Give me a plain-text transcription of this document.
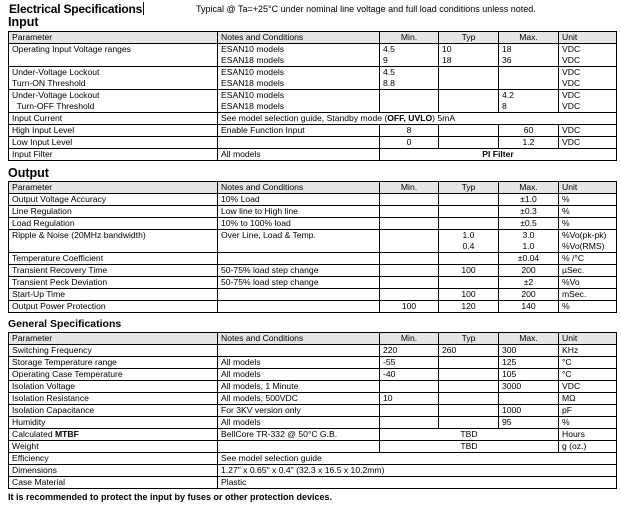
Electrical Specifications	Typical @ Ta=+25°C under nominal line voltage and full load conditions unless noted.
Input
Parameter	Notes and Conditions	Min.	Typ	Max.	Unit
Operating Input Voltage ranges	ESAN10 models	4.5	10	18	VDC
	ESAN18 models	9	18	36	VDC
Under-Voltage Lockout	ESAN10 models	4.5			VDC
Turn-ON Threshold	ESAN18 models	8.8			VDC
Under-Voltage Lockout	ESAN10 models			4.2	VDC
Turn-OFF Threshold	ESAN18 models			8	VDC
Input Current	See model selection guide, Standby mode (OFF, UVLO) 5mA				
High Input Level	Enable Function Input	8		60	VDC
Low Input Level		0		1.2	VDC
Input Filter	All models	PI Filter			
Output
Parameter	Notes and Conditions	Min.	Typ	Max.	Unit
Output Voltage Accuracy	10% Load			±1.0	%
Line Regulation	Low line to High line			±0.3	%
Load Regulation	10% to 100% load			±0.5	%
Ripple & Noise (20MHz bandwidth)	Over Line, Load & Temp.		1.0	3.0	%Vo(pk-pk)
			0.4	1.0	%Vo(RMS)
Temperature Coefficient				±0.04	% /°C
Transient Recovery Time	50-75% load step change		100	200	µSec.
Transient Peck Deviation	50-75% load step change			±2	%Vo
Start-Up Time			100	200	mSec.
Output Power Protection		100	120	140	%
General Specifications
Parameter	Notes and Conditions	Min.	Typ	Max.	Unit
Switching Frequency		220	260	300	KHz
Storage Temperature range	All models	-55		125	°C
Operating Case Temperature	All models	-40		105	°C
Isolation Voltage	All models, 1 Minute			3000	VDC
Isolation Resistance	All models, 500VDC	10			MΩ
Isolation Capacitance	For 3KV version only			1000	pF
Humidity	All models			95	%
Calculated MTBF	BellCore TR-332 @ 50°C G.B.	TBD			Hours
Weight		TBD			g (oz.)
Efficiency	See model selection guide				
Dimensions	1.27" x 0.65" x 0.4" (32.3 x 16.5 x 10.2mm)				
Case Material	Plastic				
It is recommended to protect the input by fuses or other protection devices.
